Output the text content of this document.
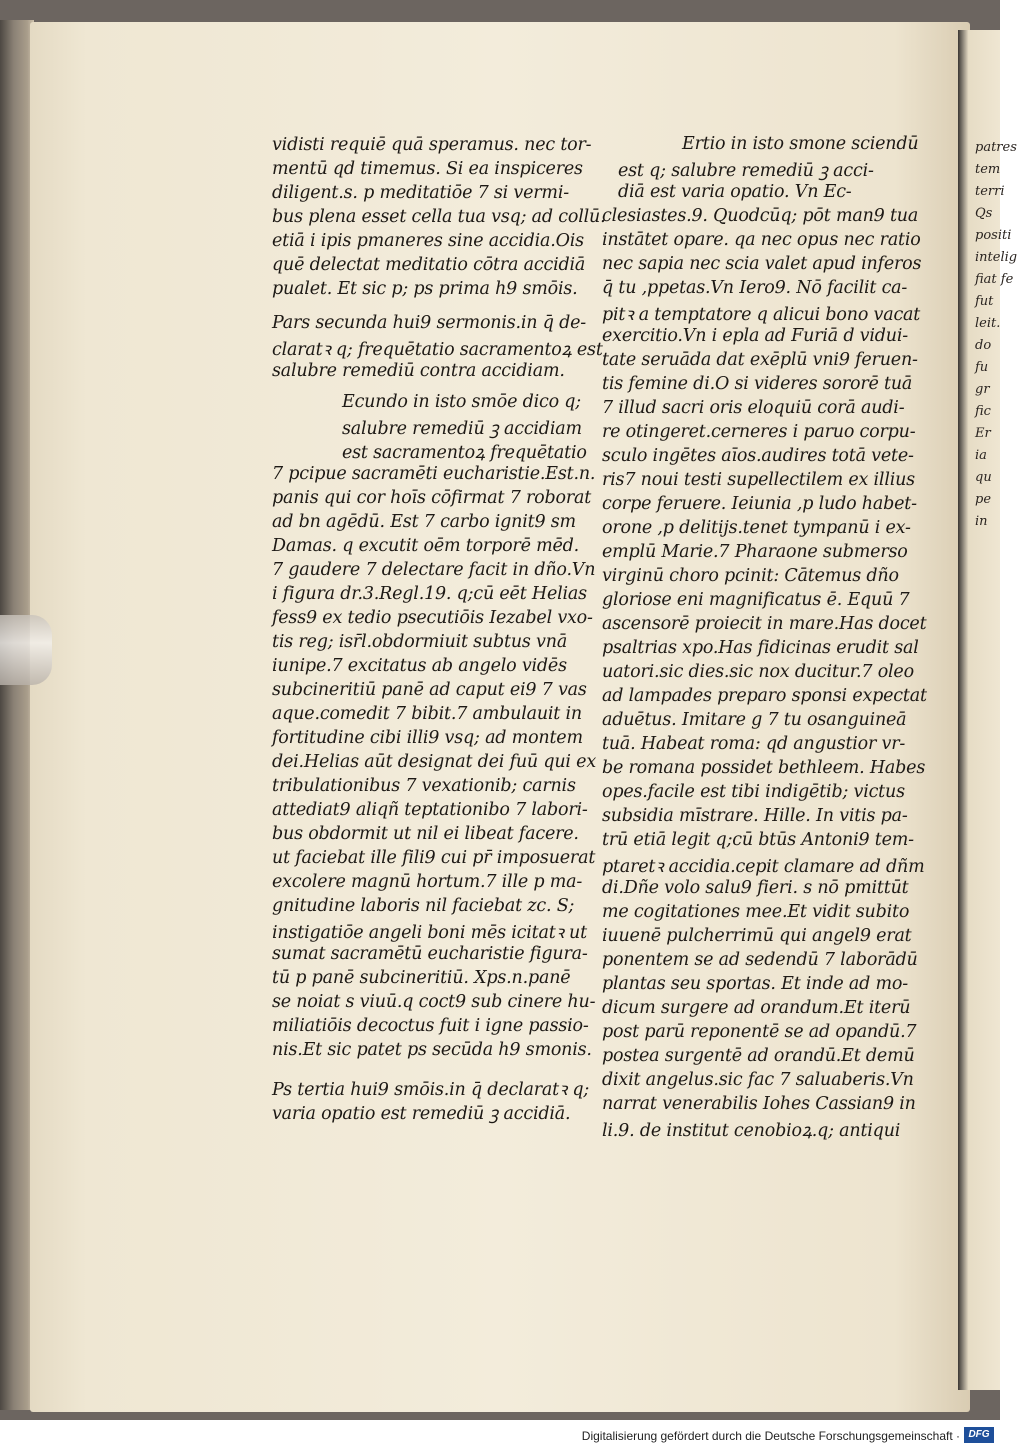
vidisti requiē quā speramus. nec tor-
mentū qd timemus. Si ea inspiceres
diligent.s. p meditatiōe 7 si vermi-
bus plena esset cella tua vsq; ad collū.
etiā i ipis pmaneres sine accidia.Ois
quē delectat meditatio cōtra accidiā
pualet. Et sic p; ps prima h9 smōis.
Pars secunda hui9 sermonis.in q̄ de-
claratꝛ q; frequētatio sacramentoꝝ est
salubre remediū contra accidiam.
Ecundo in isto smōe dico q;
salubre remediū ꝫ accidiam
est sacramentoꝝ frequētatio
7 pcipue sacramēti eucharistie.Est.n.
panis qui cor hoīs cōfirmat 7 roborat
ad bn agēdū. Est 7 carbo ignit9 sm
Damas. q excutit oēm torporē mēd.
7 gaudere 7 delectare facit in dño.Vn
i figura dr.3.Regl.19. q;cū eēt Helias
fess9 ex tedio psecutiōis Iezabel vxo-
tis reg; isr̄l.obdormiuit subtus vnā
iunipe.7 excitatus ab angelo vidēs
subcineritiū panē ad caput ei9 7 vas
aque.comedit 7 bibit.7 ambulauit in
fortitudine cibi illi9 vsq; ad montem
dei.Helias aūt designat dei fuū qui ex
tribulationibus 7 vexationib; carnis
attediat9 aliqñ teptationibo 7 labori-
bus obdormit ut nil ei libeat facere.
ut faciebat ille fili9 cui pr̄ imposuerat
excolere magnū hortum.7 ille p ma-
gnitudine laboris nil faciebat zc. S;
instigatiōe angeli boni mēs icitatꝛ ut
sumat sacramētū eucharistie figura-
tū p panē subcineritiū. Xps.n.panē
se noiat s viuū.q coct9 sub cinere hu-
miliatiōis decoctus fuit i igne passio-
nis.Et sic patet ps secūda h9 smonis.
Ps tertia hui9 smōis.in q̄ declaratꝛ q;
varia opatio est remediū ꝫ accidiā.
Ertio in isto smone sciendū
est q; salubre remediū ꝫ acci-
diā est varia opatio. Vn Ec-
clesiastes.9. Quodcūq; pōt man9 tua
instātet opare. qa nec opus nec ratio
nec sapia nec scia valet apud inferos
q̄ tu ,ppetas.Vn Iero9. Nō facilit ca-
pitꝛ a temptatore q alicui bono vacat
exercitio.Vn i epla ad Furiā d vidui-
tate seruāda dat exēplū vni9 feruen-
tis femine di.O si videres sororē tuā
7 illud sacri oris eloquiū corā audi-
re otingeret.cerneres i paruo corpu-
sculo ingētes aīos.audires totā vete-
ris7 noui testi supellectilem ex illius
corpe feruere. Ieiunia ,p ludo habet-
orone ,p delitijs.tenet tympanū i ex-
emplū Marie.7 Pharaone submerso
virginū choro pcinit: Cātemus dño
gloriose eni magnificatus ē. Equū 7
ascensorē proiecit in mare.Has docet
psaltrias xpo.Has fidicinas erudit sal
uatori.sic dies.sic nox ducitur.7 oleo
ad lampades preparo sponsi expectat
aduētus. Imitare g 7 tu osanguineā
tuā. Habeat roma: qd angustior vr-
be romana possidet bethleem. Habes
opes.facile est tibi indigētib; victus
subsidia mīstrare. Hille. In vitis pa-
trū etiā legit q;cū btūs Antoni9 tem-
ptaretꝛ accidia.cepit clamare ad dñm
di.Dñe volo salu9 fieri. s nō pmittūt
me cogitationes mee.Et vidit subito
iuuenē pulcherrimū qui angel9 erat
ponentem se ad sedendū 7 laborādū
plantas seu sportas. Et inde ad mo-
dicum surgere ad orandum.Et iterū
post parū reponentē se ad opandū.7
postea surgentē ad orandū.Et demū
dixit angelus.sic fac 7 saluaberis.Vn
narrat venerabilis Iohes Cassian9 in
li.9. de institut cenobioꝝ.q; antiqui
patres
tem
terri
Qs
positi
intelig
fiat fe
fut
leit.
do
fu
gr
fic
Er
ia
qu
pe
in
Digitalisierung gefördert durch die Deutsche Forschungsgemeinschaft · DFG
